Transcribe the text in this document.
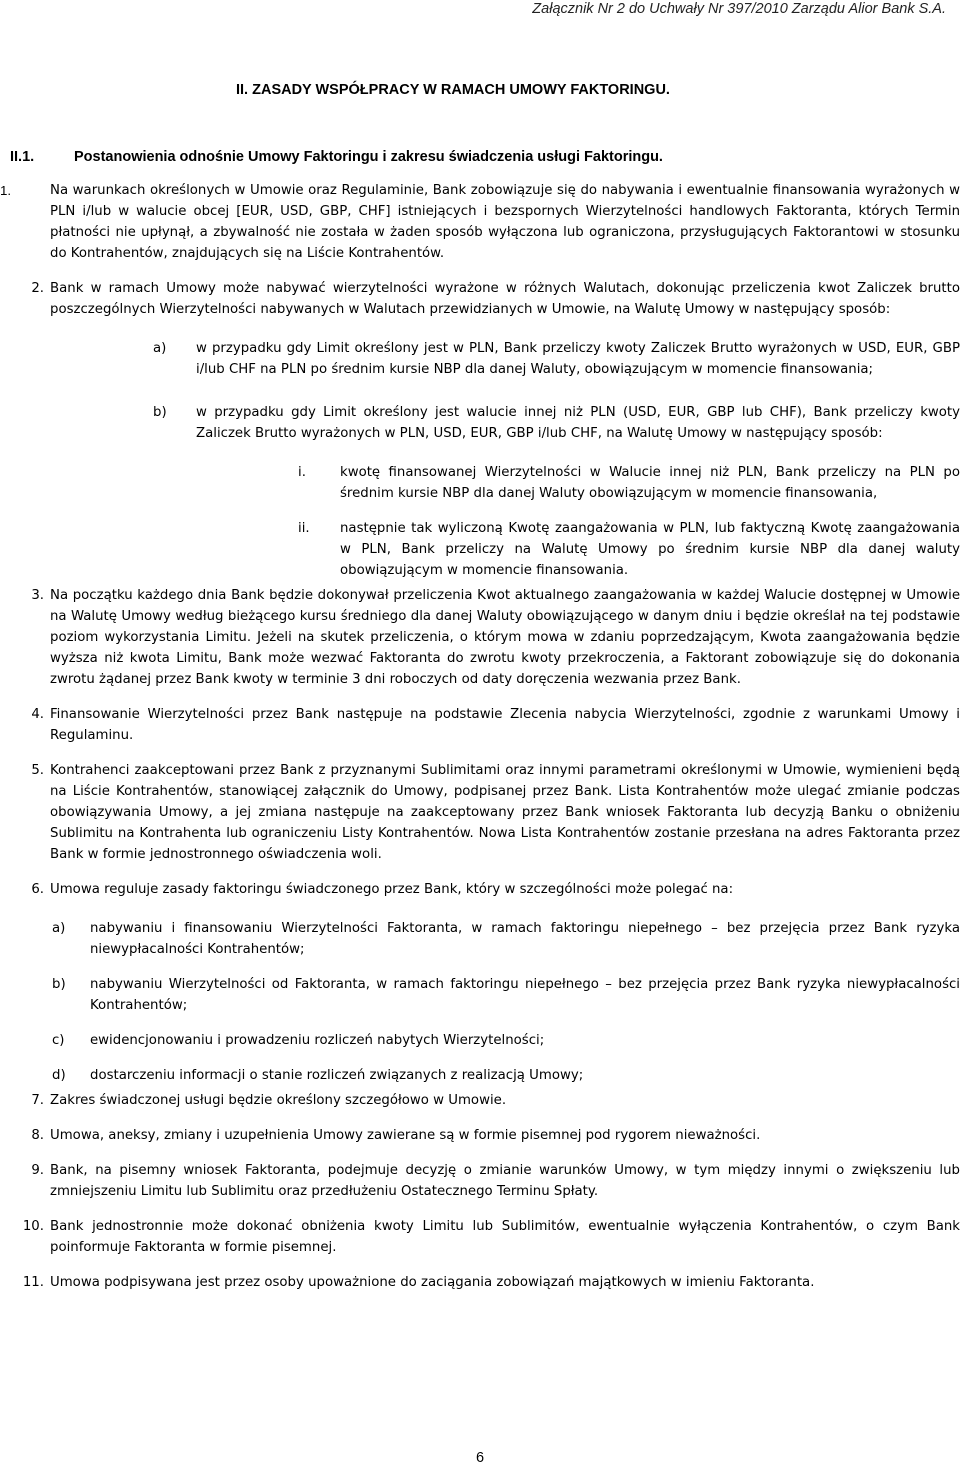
Załącznik Nr 2 do Uchwały Nr 397/2010 Zarządu Alior Bank S.A.
II. ZASADY WSPÓŁPRACY W RAMACH UMOWY FAKTORINGU.
II.1.	Postanowienia odnośnie Umowy Faktoringu i zakresu świadczenia usługi Faktoringu.
1.	Na warunkach określonych w Umowie oraz Regulaminie, Bank zobowiązuje się do nabywania i ewentualnie finansowania wyrażonych w PLN i/lub w walucie obcej [EUR, USD, GBP, CHF] istniejących i bezspornych Wierzytelności handlowych Faktoranta, których Termin płatności nie upłynął, a zbywalność nie została w żaden sposób wyłączona lub ograniczona, przysługujących Faktorantowi w stosunku do Kontrahentów, znajdujących się na Liście Kontrahentów.
2. Bank w ramach Umowy może nabywać wierzytelności wyrażone w różnych Walutach, dokonując przeliczenia kwot Zaliczek brutto poszczególnych Wierzytelności nabywanych w Walutach przewidzianych w Umowie, na Walutę Umowy w następujący sposób:
a) w przypadku gdy Limit określony jest w PLN, Bank przeliczy kwoty Zaliczek Brutto wyrażonych w USD, EUR, GBP i/lub CHF na PLN po średnim kursie NBP dla danej Waluty, obowiązującym w momencie finansowania;
b) w przypadku gdy Limit określony jest walucie innej niż PLN (USD, EUR, GBP lub CHF), Bank przeliczy kwoty Zaliczek Brutto wyrażonych w PLN, USD, EUR, GBP i/lub CHF, na Walutę Umowy w następujący sposób:
i.	kwotę finansowanej Wierzytelności w Walucie innej niż PLN, Bank przeliczy na PLN po średnim kursie NBP dla danej Waluty obowiązującym w momencie finansowania,
ii. następnie tak wyliczoną Kwotę zaangażowania w PLN, lub faktyczną Kwotę zaangażowania w PLN, Bank przeliczy na Walutę Umowy po średnim kursie NBP dla danej waluty obowiązującym w momencie finansowania.
3. Na początku każdego dnia Bank będzie dokonywał przeliczenia Kwot aktualnego zaangażowania w każdej Walucie dostępnej w Umowie na Walutę Umowy według bieżącego kursu średniego dla danej Waluty obowiązującego w danym dniu i będzie określał na tej podstawie poziom wykorzystania Limitu. Jeżeli na skutek przeliczenia, o którym mowa w zdaniu poprzedzającym, Kwota zaangażowania będzie wyższa niż kwota Limitu, Bank może wezwać Faktoranta do zwrotu kwoty przekroczenia, a Faktorant zobowiązuje się do dokonania zwrotu żądanej przez Bank kwoty w terminie 3 dni roboczych od daty doręczenia wezwania przez Bank.
4. Finansowanie Wierzytelności przez Bank następuje na podstawie Zlecenia nabycia Wierzytelności, zgodnie z warunkami Umowy i Regulaminu.
5. Kontrahenci zaakceptowani przez Bank z przyznanymi Sublimitami oraz innymi parametrami określonymi w Umowie, wymienieni będą na Liście Kontrahentów, stanowiącej załącznik do Umowy, podpisanej przez Bank. Lista Kontrahentów może ulegać zmianie podczas obowiązywania Umowy, a jej zmiana następuje na zaakceptowany przez Bank wniosek Faktoranta lub decyzją Banku o obniżeniu Sublimitu na Kontrahenta lub ograniczeniu Listy Kontrahentów. Nowa Lista Kontrahentów zostanie przesłana na adres Faktoranta przez Bank w formie jednostronnego oświadczenia woli.
6. Umowa reguluje zasady faktoringu świadczonego przez Bank, który w szczególności może polegać na:
a) nabywaniu i finansowaniu Wierzytelności Faktoranta, w ramach faktoringu niepełnego – bez przejęcia przez Bank ryzyka niewypłacalności Kontrahentów;
b) nabywaniu Wierzytelności od Faktoranta, w ramach faktoringu niepełnego – bez przejęcia przez Bank ryzyka niewypłacalności Kontrahentów;
c) ewidencjonowaniu i prowadzeniu rozliczeń nabytych Wierzytelności;
d) dostarczeniu informacji o stanie rozliczeń związanych z realizacją Umowy;
7. Zakres świadczonej usługi będzie określony szczegółowo w Umowie.
8. Umowa, aneksy, zmiany i uzupełnienia Umowy zawierane są w formie pisemnej pod rygorem nieważności.
9. Bank, na pisemny wniosek Faktoranta, podejmuje decyzję o zmianie warunków Umowy, w tym między innymi o zwiększeniu lub zmniejszeniu Limitu lub Sublimitu oraz przedłużeniu Ostatecznego Terminu Spłaty.
10. Bank jednostronnie może dokonać obniżenia kwoty Limitu lub Sublimitów, ewentualnie wyłączenia Kontrahentów, o czym Bank poinformuje Faktoranta w formie pisemnej.
11. Umowa podpisywana jest przez osoby upoważnione do zaciągania zobowiązań majątkowych w imieniu Faktoranta.
6
